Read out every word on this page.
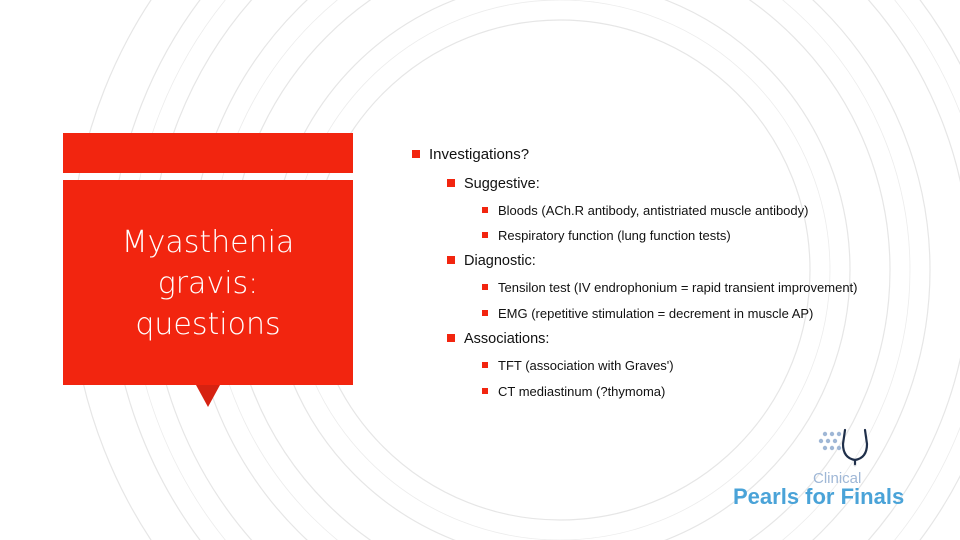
Myasthenia
gravis:
questions
Investigations?
Suggestive:
Bloods (ACh.R antibody, antistriated muscle antibody)
Respiratory function (lung function tests)
Diagnostic:
Tensilon test (IV endrophonium = rapid transient improvement)
EMG (repetitive stimulation = decrement in muscle AP)
Associations:
TFT (association with Graves')
CT mediastinum (?thymoma)
Clinical
Pearls for Finals
